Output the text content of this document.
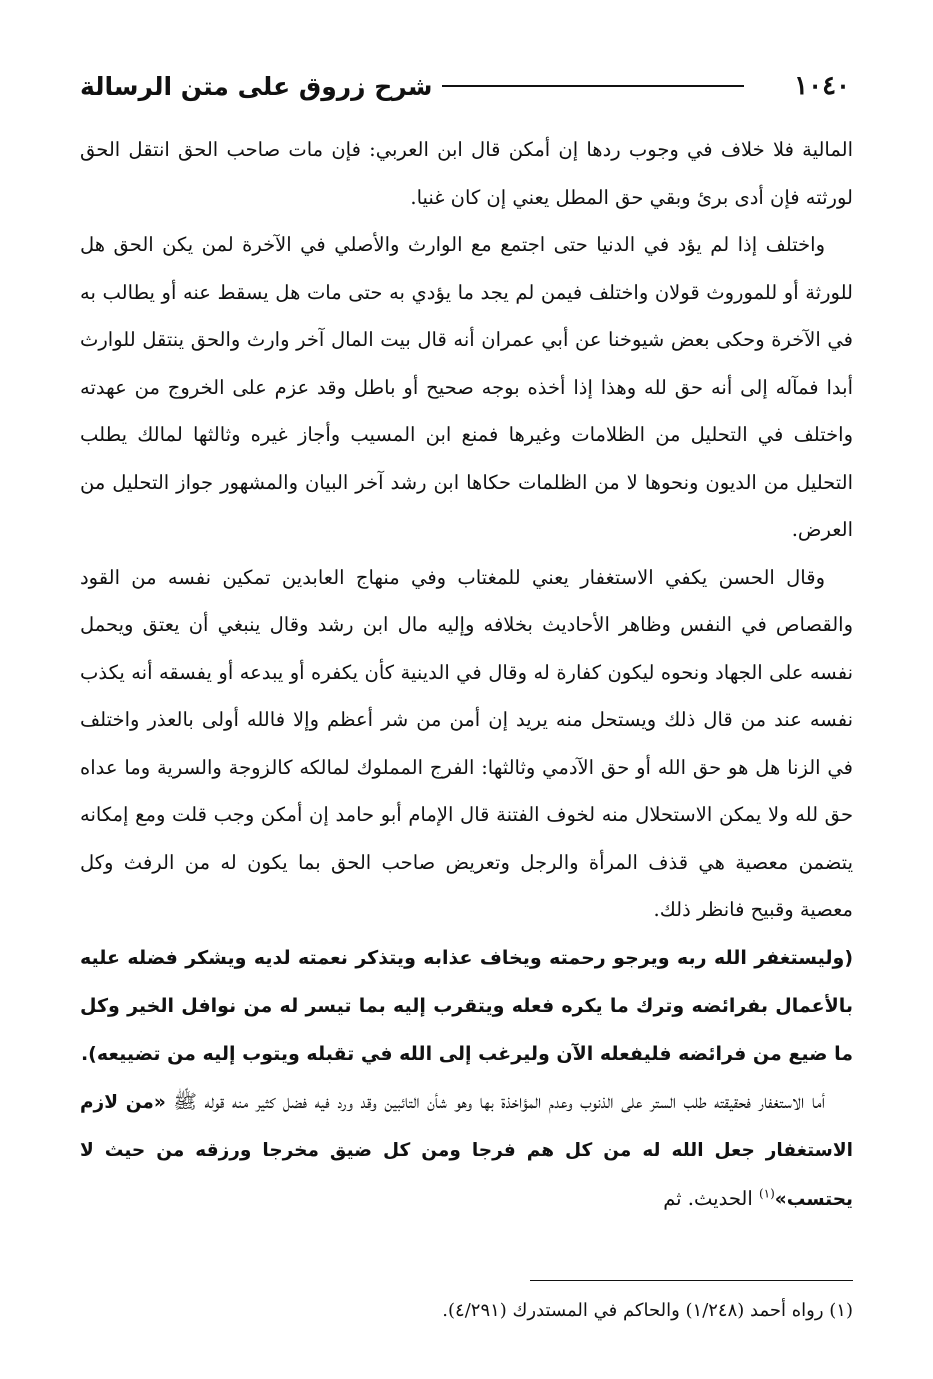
١٠٤٠
شرح زروق على متن الرسالة

المالية فلا خلاف في وجوب ردها إن أمكن قال ابن العربي: فإن مات صاحب الحق انتقل الحق لورثته فإن أدى برئ وبقي حق المطل يعني إن كان غنيا.

واختلف إذا لم يؤد في الدنيا حتى اجتمع مع الوارث والأصلي في الآخرة لمن يكن الحق هل للورثة أو للموروث قولان واختلف فيمن لم يجد ما يؤدي به حتى مات هل يسقط عنه أو يطالب به في الآخرة وحكى بعض شيوخنا عن أبي عمران أنه قال بيت المال آخر وارث والحق ينتقل للوارث أبدا فمآله إلى أنه حق لله وهذا إذا أخذه بوجه صحيح أو باطل وقد عزم على الخروج من عهدته واختلف في التحليل من الظلامات وغيرها فمنع ابن المسيب وأجاز غيره وثالثها لمالك يطلب التحليل من الديون ونحوها لا من الظلمات حكاها ابن رشد آخر البيان والمشهور جواز التحليل من العرض.

وقال الحسن يكفي الاستغفار يعني للمغتاب وفي منهاج العابدين تمكين نفسه من القود والقصاص في النفس وظاهر الأحاديث بخلافه وإليه مال ابن رشد وقال ينبغي أن يعتق ويحمل نفسه على الجهاد ونحوه ليكون كفارة له وقال في الدينية كأن يكفره أو يبدعه أو يفسقه أنه يكذب نفسه عند من قال ذلك ويستحل منه يريد إن أمن من شر أعظم وإلا فالله أولى بالعذر واختلف في الزنا هل هو حق الله أو حق الآدمي وثالثها: الفرج المملوك لمالكه كالزوجة والسرية وما عداه حق لله ولا يمكن الاستحلال منه لخوف الفتنة قال الإمام أبو حامد إن أمكن وجب قلت ومع إمكانه يتضمن معصية هي قذف المرأة والرجل وتعريض صاحب الحق بما يكون له من الرفث وكل معصية وقبيح فانظر ذلك.

(وليستغفر الله ربه ويرجو رحمته ويخاف عذابه ويتذكر نعمته لديه ويشكر فضله عليه بالأعمال بفرائضه وترك ما يكره فعله ويتقرب إليه بما تيسر له من نوافل الخير وكل ما ضيع من فرائضه فليفعله الآن وليرغب إلى الله في تقبله ويتوب إليه من تضييعه).

أما الاستغفار فحقيقته طلب الستر على الذنوب وعدم المؤاخذة بها وهو شأن التائبين وقد ورد فيه فضل كثير منه قوله ﷺ «من لازم الاستغفار جعل الله له من كل هم فرجا ومن كل ضيق مخرجا ورزقه من حيث لا يحتسب»$^{(١)}$ الحديث. ثم

(١) رواه أحمد (١/٢٤٨) والحاكم في المستدرك (٤/٢٩١).
